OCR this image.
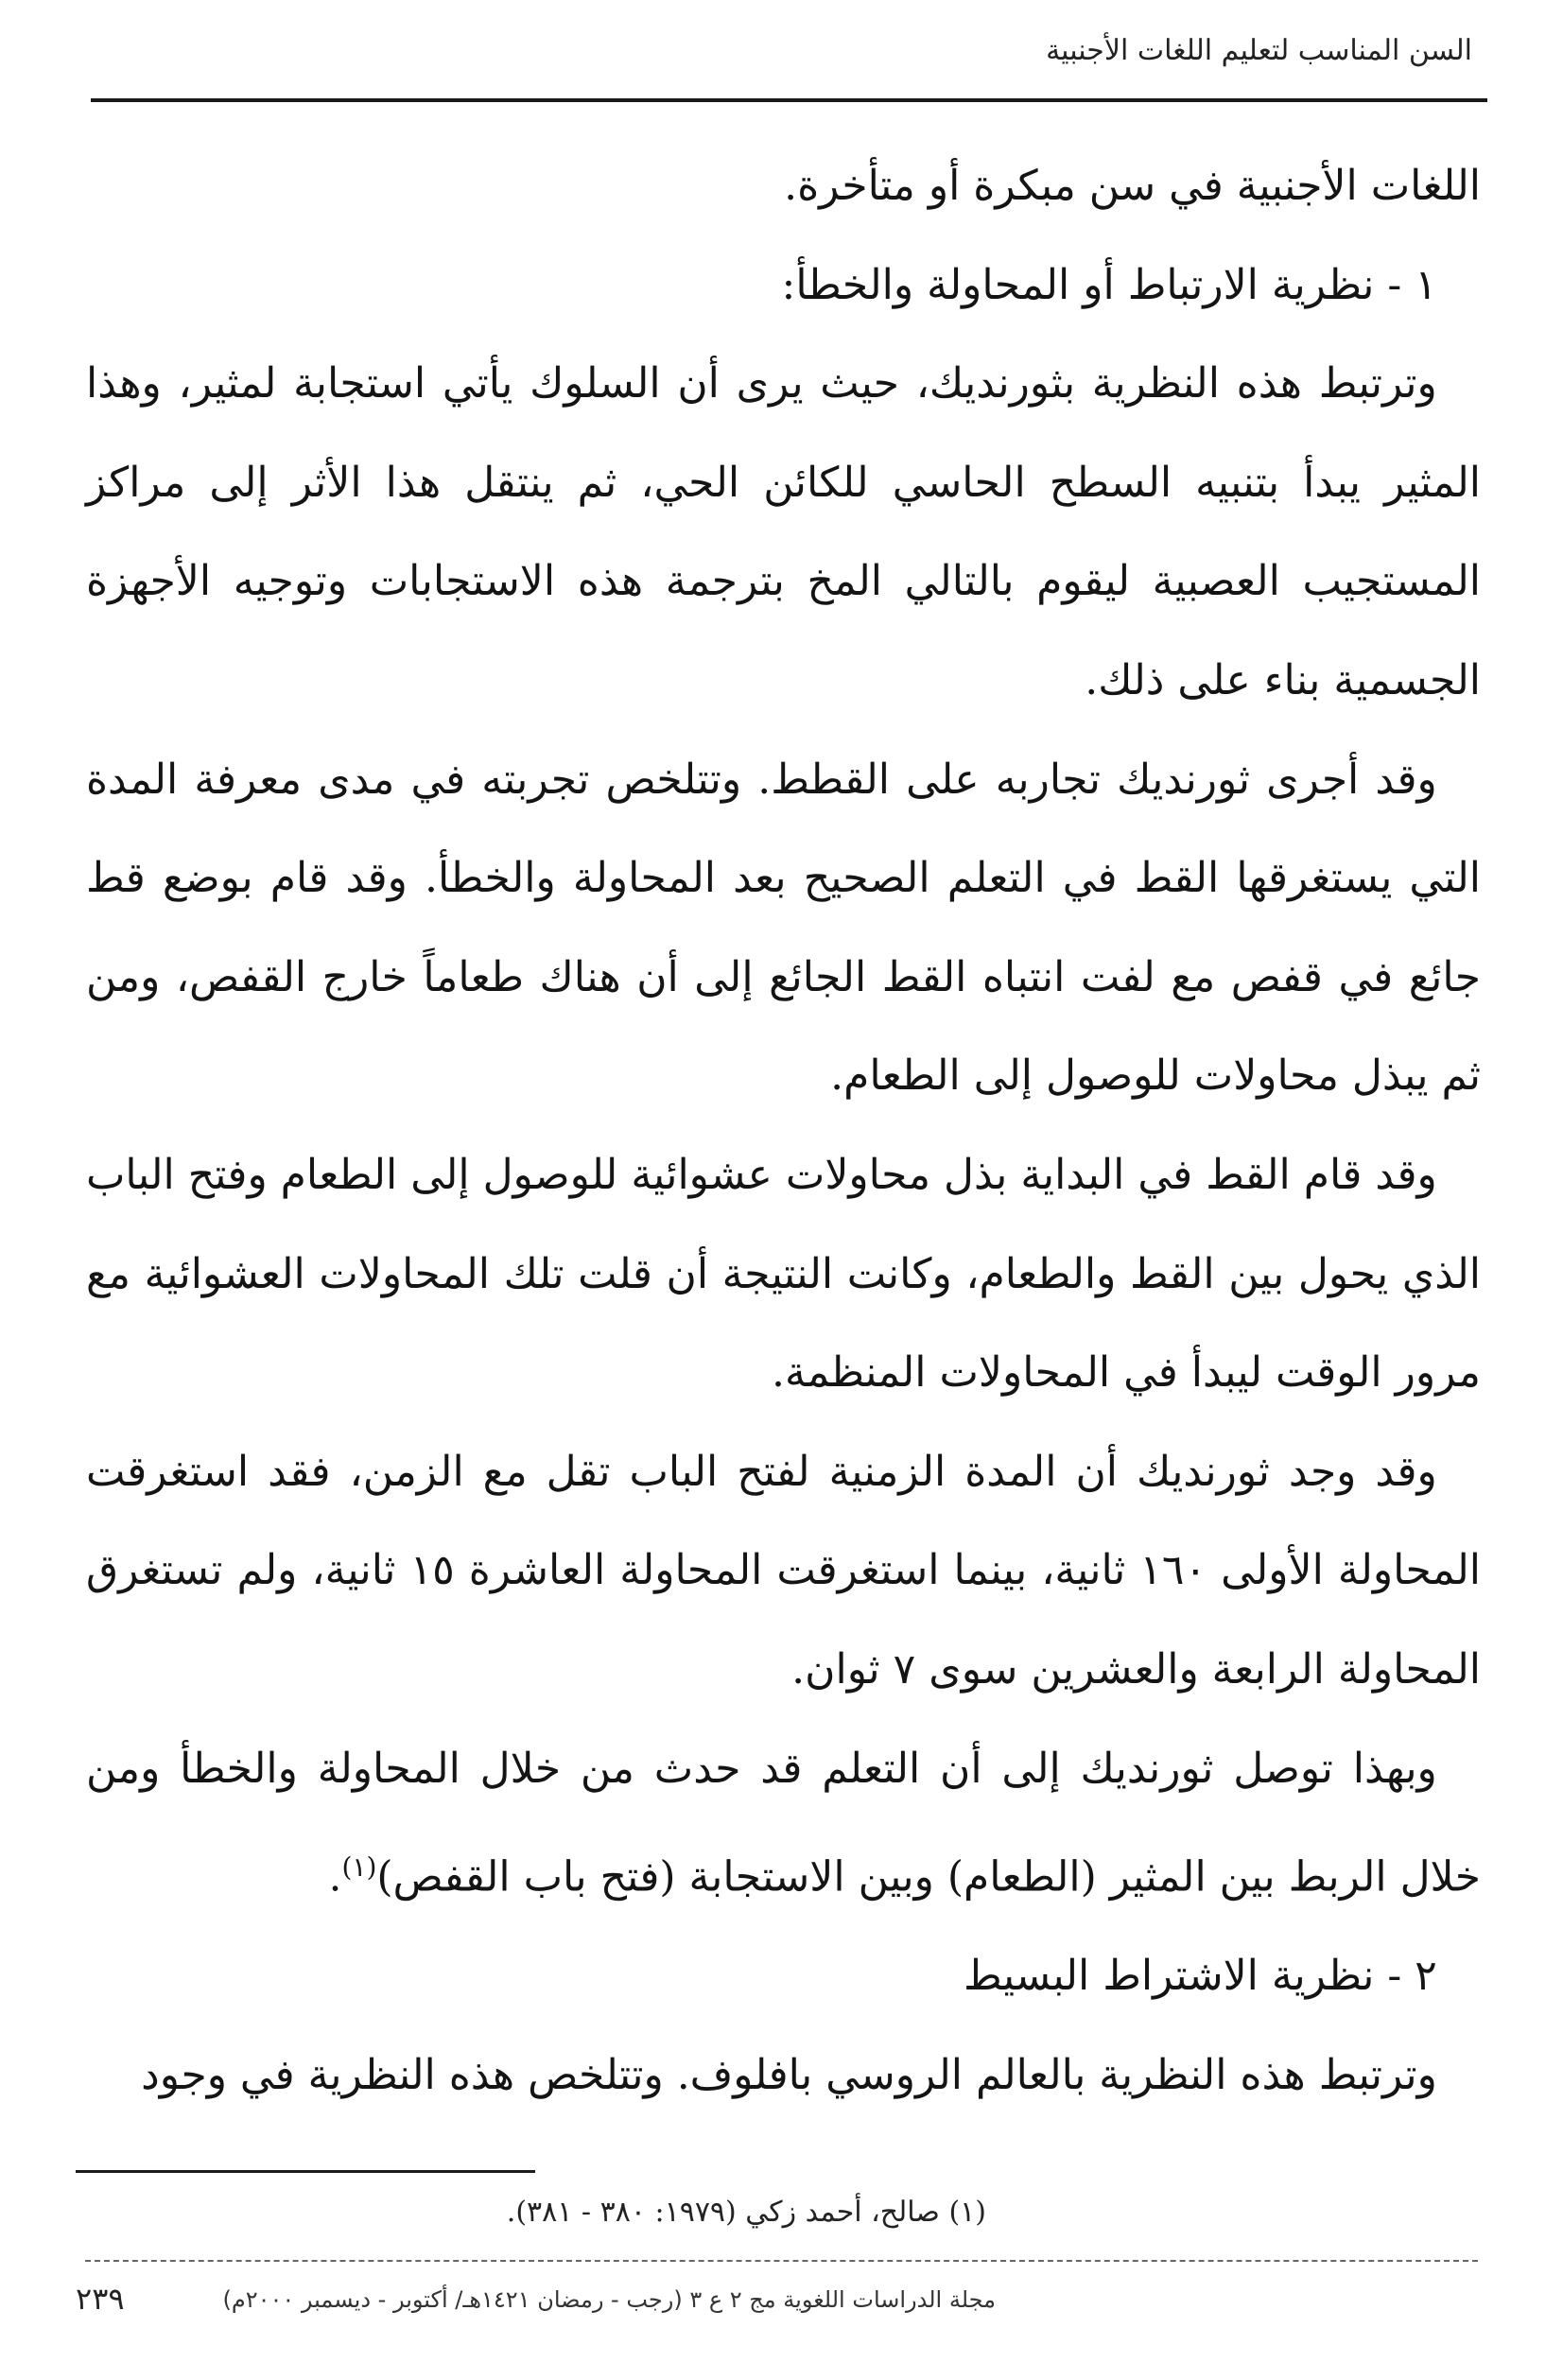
السن المناسب لتعليم اللغات الأجنبية

اللغات الأجنبية في سن مبكرة أو متأخرة.

١ - نظرية الارتباط أو المحاولة والخطأ:

وترتبط هذه النظرية بثورنديك، حيث يرى أن السلوك يأتي استجابة لمثير، وهذا المثير يبدأ بتنبيه السطح الحاسي للكائن الحي، ثم ينتقل هذا الأثر إلى مراكز المستجيب العصبية ليقوم بالتالي المخ بترجمة هذه الاستجابات وتوجيه الأجهزة الجسمية بناء على ذلك.

وقد أجرى ثورنديك تجاربه على القطط. وتتلخص تجربته في مدى معرفة المدة التي يستغرقها القط في التعلم الصحيح بعد المحاولة والخطأ. وقد قام بوضع قط جائع في قفص مع لفت انتباه القط الجائع إلى أن هناك طعاماً خارج القفص، ومن ثم يبذل محاولات للوصول إلى الطعام.

وقد قام القط في البداية بذل محاولات عشوائية للوصول إلى الطعام وفتح الباب الذي يحول بين القط والطعام، وكانت النتيجة أن قلت تلك المحاولات العشوائية مع مرور الوقت ليبدأ في المحاولات المنظمة.

وقد وجد ثورنديك أن المدة الزمنية لفتح الباب تقل مع الزمن، فقد استغرقت المحاولة الأولى ١٦٠ ثانية، بينما استغرقت المحاولة العاشرة ١٥ ثانية، ولم تستغرق المحاولة الرابعة والعشرين سوى ٧ ثوان.

وبهذا توصل ثورنديك إلى أن التعلم قد حدث من خلال المحاولة والخطأ ومن خلال الربط بين المثير (الطعام) وبين الاستجابة (فتح باب القفص)$^{(١)}$.

٢ - نظرية الاشتراط البسيط

وترتبط هذه النظرية بالعالم الروسي بافلوف. وتتلخص هذه النظرية في وجود

(١) صالح، أحمد زكي (١٩٧٩: ٣٨٠ - ٣٨١).
مجلة الدراسات اللغوية مج ٢ ع ٣ (رجب - رمضان ١٤٢١هـ/ أكتوبر - ديسمبر ٢٠٠٠م)
٢٣٩
